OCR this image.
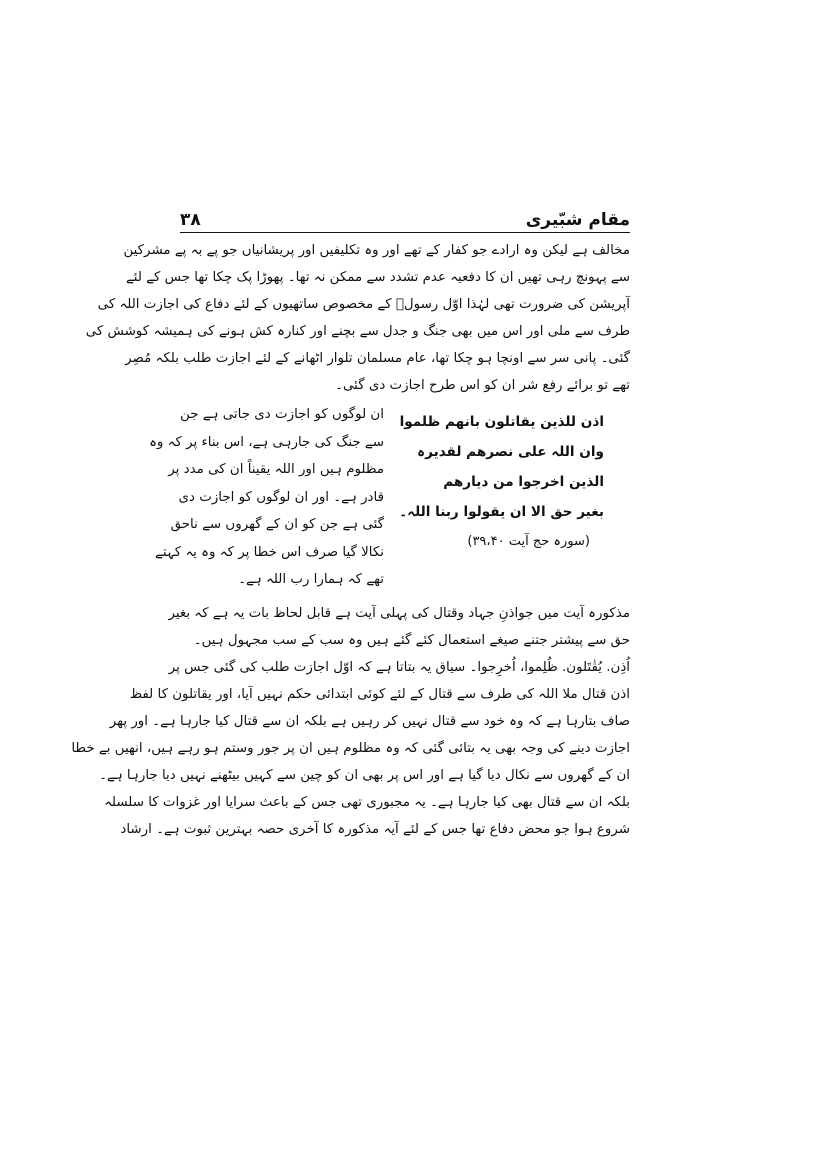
مقام شبّیری
۳۸

مخالف ہے لیکن وہ ارادے جو کفار کے تھے اور وہ تکلیفیں اور پریشانیاں جو پے بہ پے مشرکین

سے پہونچ رہی تھیں ان کا دفعیہ عدم تشدد سے ممکن نہ تھا۔ پھوڑا پک چکا تھا جس کے لئے

آپریشن کی ضرورت تھی لہٰذا اوّل رسولؐ کے مخصوص ساتھیوں کے لئے دفاع کی اجازت اللہ کی

طرف سے ملی اور اس میں بھی جنگ و جدل سے بچنے اور کنارہ کش ہونے کی ہمیشہ کوشش کی

گئی۔ پانی سر سے اونچا ہو چکا تھا، عام مسلمان تلوار اٹھانے کے لئے اجازت طلب بلکہ مُصِر

تھے تو برائے رفع شر ان کو اس طرح اجازت دی گئی۔

اذن للذین یقاتلون بانھم ظلموا
وان اللہ علی نصرھم لقدیرہ
الذین اخرجوا من دیارھم
بغیر حق الا ان یقولوا ربنا اللہ۔
(سورہ حج آیت ۳۹،۴۰)
ان لوگوں کو اجازت دی جاتی ہے جن
سے جنگ کی جارہی ہے، اس بناء پر کہ وہ
مظلوم ہیں اور اللہ یقیناً ان کی مدد پر
قادر ہے۔ اور ان لوگوں کو اجازت دی
گئی ہے جن کو ان کے گھروں سے ناحق
نکالا گیا صرف اس خطا پر کہ وہ یہ کہتے
تھے کہ ہمارا رب اللہ ہے۔

مذکورہ آیت میں جواذنِ جہاد وقتال کی پہلی آیت ہے قابل لحاظ بات یہ ہے کہ بغیر

حق سے پیشتر جتنے صیغے استعمال کئے گئے ہیں وہ سب کے سب مجہول ہیں۔

اُذِن. یُقٰتَلون. ظُلِموا، اُخرِجوا۔ سیاق یہ بتاتا ہے کہ اوّل اجازت طلب کی گئی جس پر

اذن قتال ملا اللہ کی طرف سے قتال کے لئے کوئی ابتدائی حکم نہیں آیا، اور یقاتلون کا لفظ

صاف بتارہا ہے کہ وہ خود سے قتال نہیں کر رہیں ہے بلکہ ان سے قتال کیا جارہا ہے۔ اور پھر

اجازت دینے کی وجہ بھی یہ بتائی گئی کہ وہ مظلوم ہیں ان پر جور وستم ہو رہے ہیں، انھیں بے خطا

ان کے گھروں سے نکال دیا گیا ہے اور اس پر بھی ان کو چین سے کہیں بیٹھنے نہیں دیا جارہا ہے۔

بلکہ ان سے قتال بھی کیا جارہا ہے۔ یہ مجبوری تھی جس کے باعث سرایا اور غزوات کا سلسلہ

شروع ہوا جو محض دفاع تھا جس کے لئے آیہ مذکورہ کا آخری حصہ بہترین ثبوت ہے۔ ارشاد
